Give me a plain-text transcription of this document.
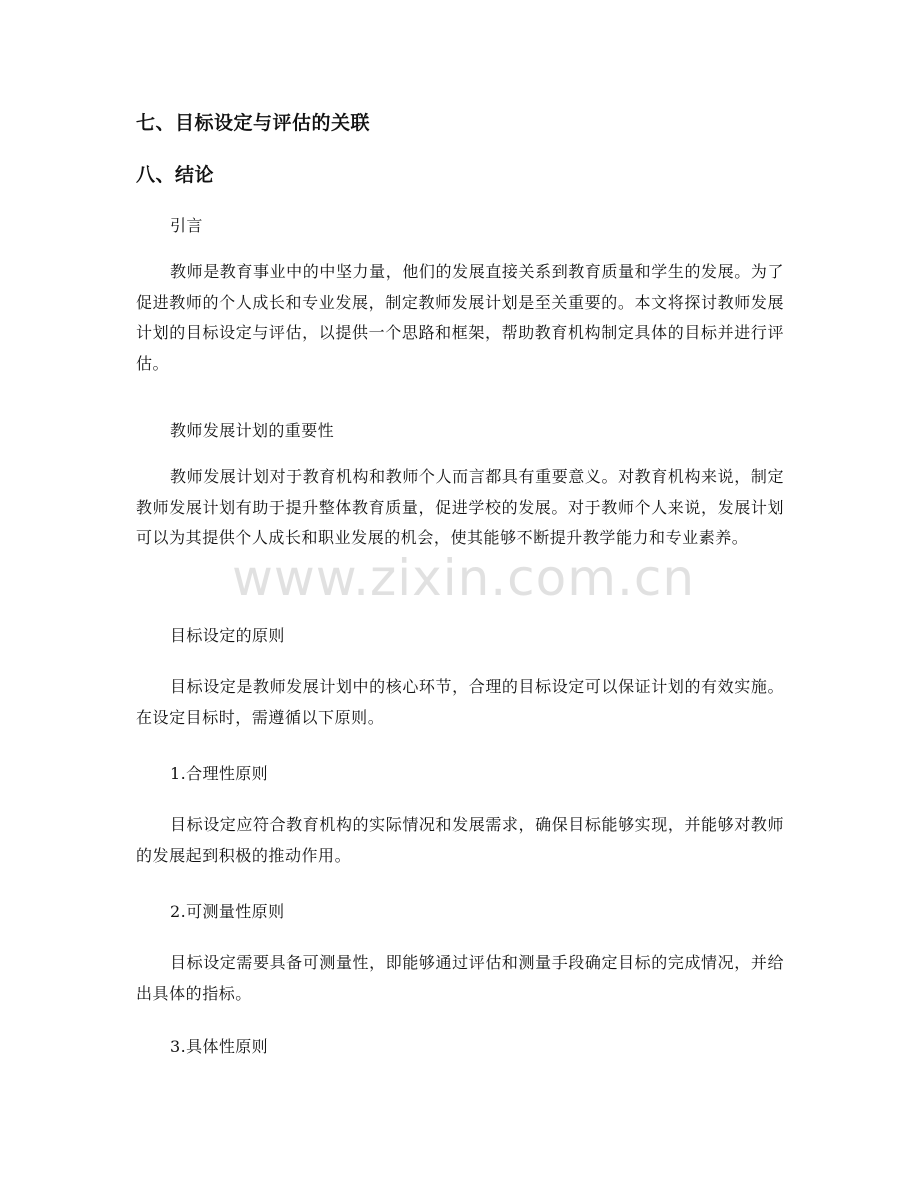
七、目标设定与评估的关联
八、结论
引言
教师是教育事业中的中坚力量，他们的发展直接关系到教育质量和学生的发展。为了促进教师的个人成长和专业发展，制定教师发展计划是至关重要的。本文将探讨教师发展计划的目标设定与评估，以提供一个思路和框架，帮助教育机构制定具体的目标并进行评估。
教师发展计划的重要性
教师发展计划对于教育机构和教师个人而言都具有重要意义。对教育机构来说，制定教师发展计划有助于提升整体教育质量，促进学校的发展。对于教师个人来说，发展计划可以为其提供个人成长和职业发展的机会，使其能够不断提升教学能力和专业素养。
目标设定的原则
目标设定是教师发展计划中的核心环节，合理的目标设定可以保证计划的有效实施。在设定目标时，需遵循以下原则。
1.合理性原则
目标设定应符合教育机构的实际情况和发展需求，确保目标能够实现，并能够对教师的发展起到积极的推动作用。
2.可测量性原则
目标设定需要具备可测量性，即能够通过评估和测量手段确定目标的完成情况，并给出具体的指标。
3.具体性原则
www.zixin.com.cn
